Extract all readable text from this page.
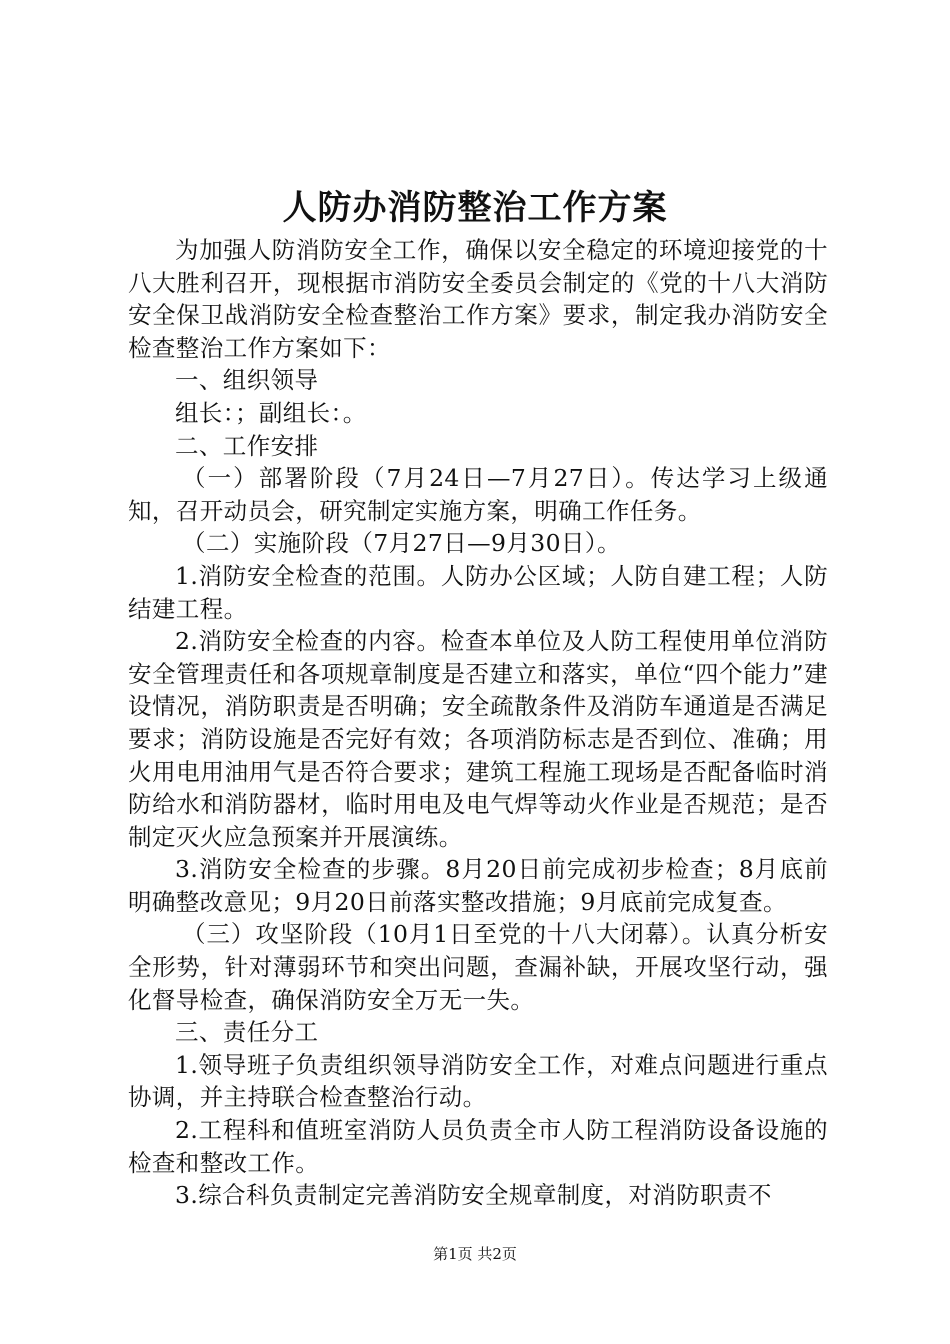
人防办消防整治工作方案

为加强人防消防安全工作，确保以安全稳定的环境迎接党的十八大胜利召开，现根据市消防安全委员会制定的《党的十八大消防安全保卫战消防安全检查整治工作方案》要求，制定我办消防安全检查整治工作方案如下：

一、组织领导

组长：；副组长：。

二、工作安排

（一）部署阶段（7月24日—7月27日）。传达学习上级通知，召开动员会，研究制定实施方案，明确工作任务。

（二）实施阶段（7月27日—9月30日）。

1.消防安全检查的范围。人防办公区域；人防自建工程；人防结建工程。

2.消防安全检查的内容。检查本单位及人防工程使用单位消防安全管理责任和各项规章制度是否建立和落实，单位“四个能力”建设情况，消防职责是否明确；安全疏散条件及消防车通道是否满足要求；消防设施是否完好有效；各项消防标志是否到位、准确；用火用电用油用气是否符合要求；建筑工程施工现场是否配备临时消防给水和消防器材，临时用电及电气焊等动火作业是否规范；是否制定灭火应急预案并开展演练。

3.消防安全检查的步骤。8月20日前完成初步检查；8月底前明确整改意见；9月20日前落实整改措施；9月底前完成复查。

（三）攻坚阶段（10月1日至党的十八大闭幕）。认真分析安全形势，针对薄弱环节和突出问题，查漏补缺，开展攻坚行动，强化督导检查，确保消防安全万无一失。

三、责任分工

1.领导班子负责组织领导消防安全工作，对难点问题进行重点协调，并主持联合检查整治行动。

2.工程科和值班室消防人员负责全市人防工程消防设备设施的检查和整改工作。

3.综合科负责制定完善消防安全规章制度，对消防职责不

第1页 共2页
